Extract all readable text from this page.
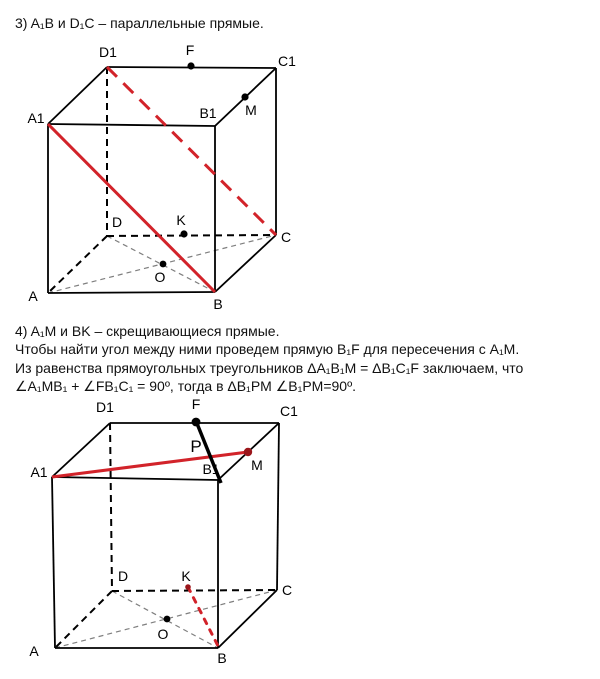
3) A₁B и D₁C – параллельные прямые.
4) A₁M и BK – скрещивающиеся прямые.
Чтобы найти угол между ними проведем прямую B₁F для пересечения с A₁M.
Из равенства прямоугольных треугольников ΔA₁B₁M = ΔB₁C₁F заключаем, что
∠A₁MB₁ + ∠FB₁C₁ = 90º, тогда в ΔB₁PM ∠B₁PM=90º.
D1	F
C1
A1	B1 M
D	K
C
A
O
B
D1	F	C1
A1
P
B1 M
D	K
C
A
O
B
